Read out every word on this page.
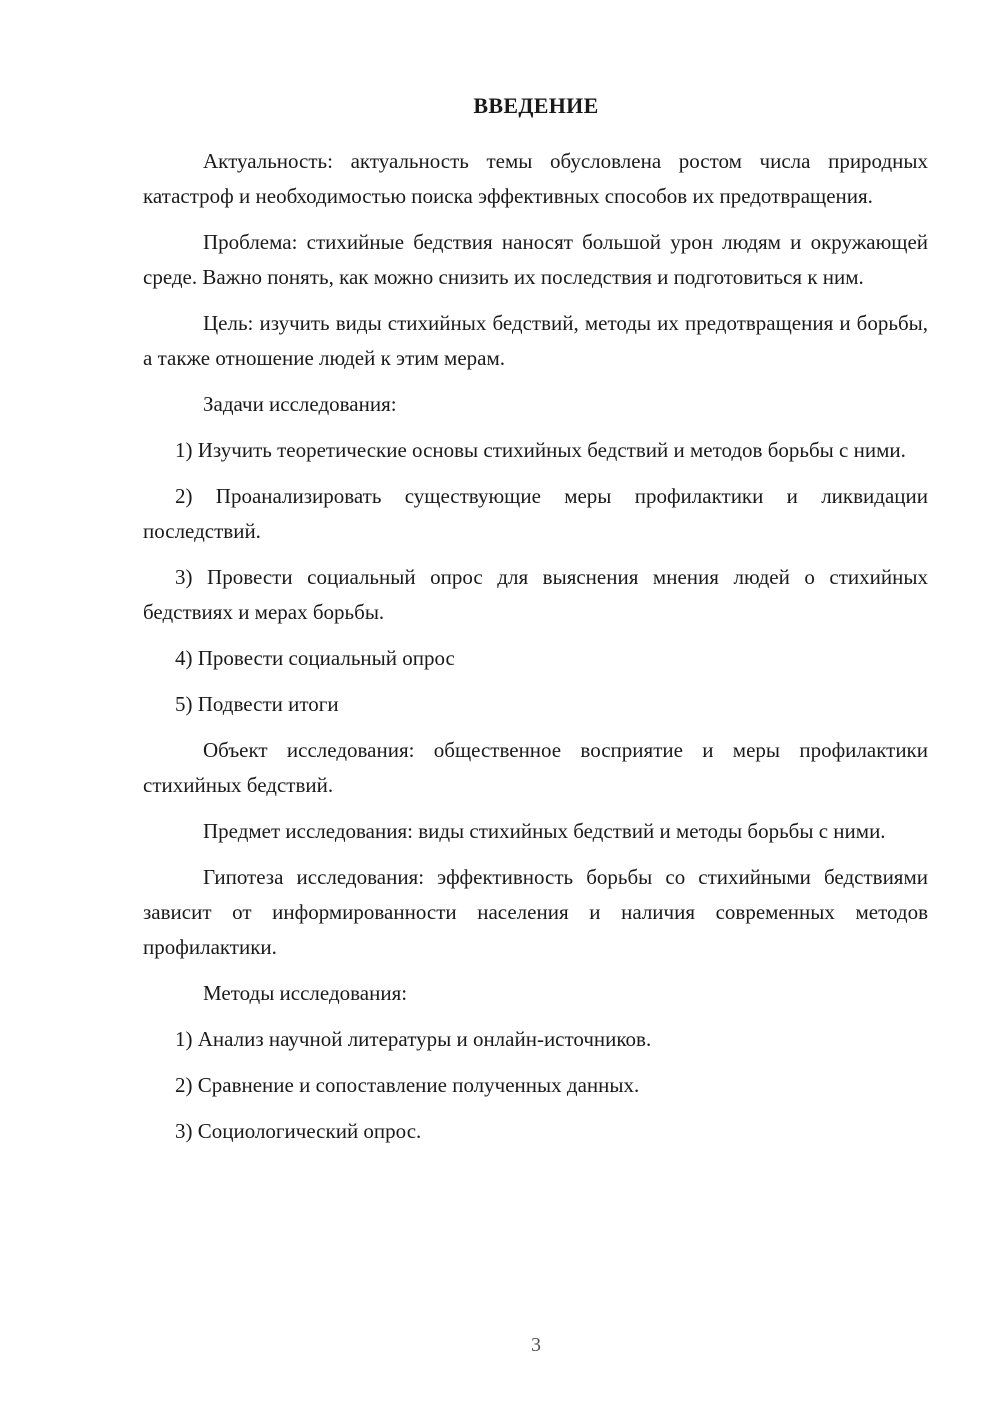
ВВЕДЕНИЕ

Актуальность: актуальность темы обусловлена ростом числа природных катастроф и необходимостью поиска эффективных способов их предотвращения.

Проблема: стихийные бедствия наносят большой урон людям и окружающей среде. Важно понять, как можно снизить их последствия и подготовиться к ним.

Цель: изучить виды стихийных бедствий, методы их предотвращения и борьбы, а также отношение людей к этим мерам.

Задачи исследования:

1) Изучить теоретические основы стихийных бедствий и методов борьбы с ними.

2) Проанализировать существующие меры профилактики и ликвидации последствий.

3) Провести социальный опрос для выяснения мнения людей о стихийных бедствиях и мерах борьбы.

4) Провести социальный опрос

5) Подвести итоги

Объект исследования: общественное восприятие и меры профилактики стихийных бедствий.

Предмет исследования: виды стихийных бедствий и методы борьбы с ними.

Гипотеза исследования: эффективность борьбы со стихийными бедствиями зависит от информированности населения и наличия современных методов профилактики.

Методы исследования:

1) Анализ научной литературы и онлайн-источников.

2) Сравнение и сопоставление полученных данных.

3) Социологический опрос.

3
